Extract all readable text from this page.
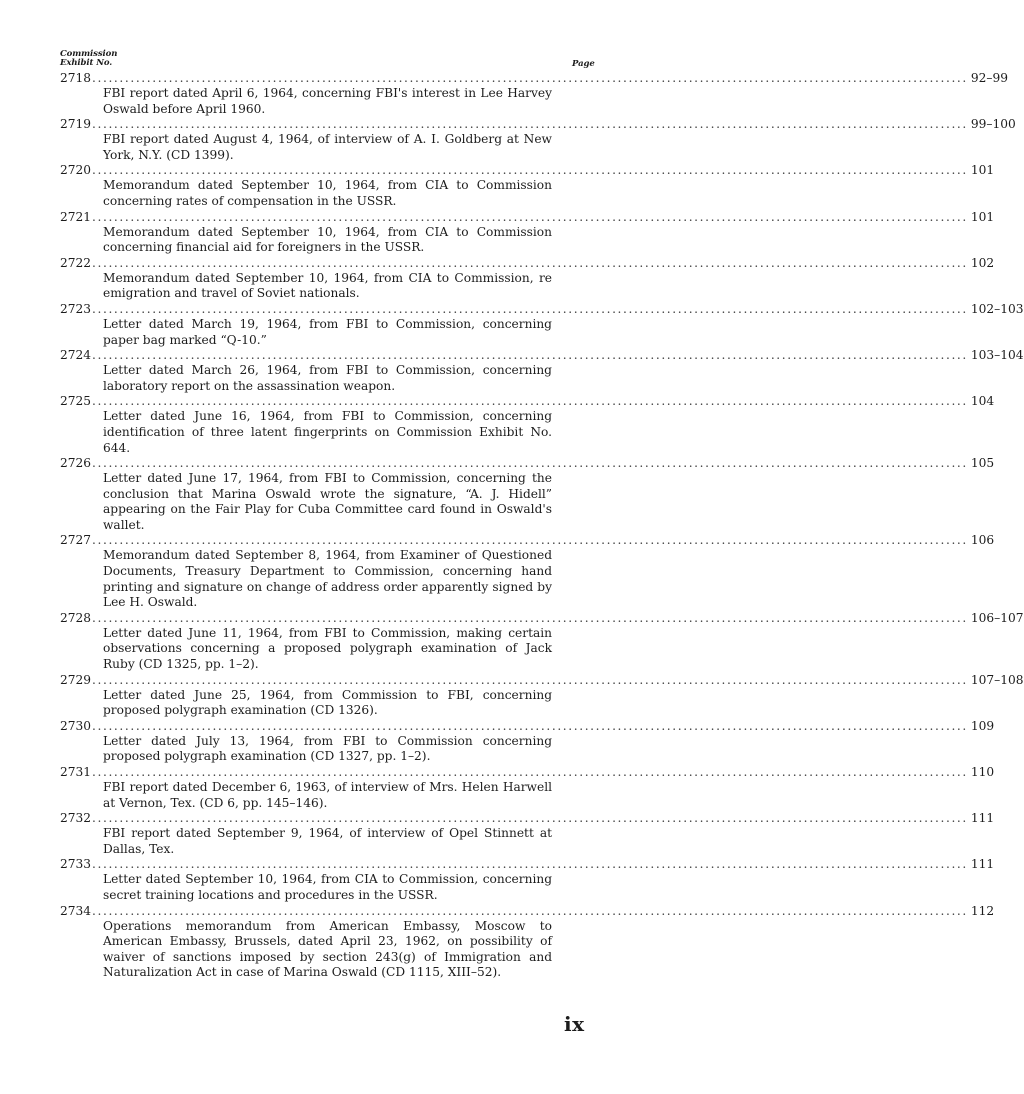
Commission
Exhibit No.	Page
2718 ................................................................................................................................................................ 92–99
FBI report dated April 6, 1964, concerning FBI's interest in Lee Harvey Oswald before April 1960.
2719 ................................................................................................................................................................ 99–100
FBI report dated August 4, 1964, of interview of A. I. Goldberg at New York, N.Y. (CD 1399).
2720 ................................................................................................................................................................ 101
Memorandum dated September 10, 1964, from CIA to Commission concerning rates of compensation in the USSR.
2721 ................................................................................................................................................................ 101
Memorandum dated September 10, 1964, from CIA to Commission concerning financial aid for foreigners in the USSR.
2722 ................................................................................................................................................................ 102
Memorandum dated September 10, 1964, from CIA to Commission, re emigration and travel of Soviet nationals.
2723 ................................................................................................................................................................ 102–103
Letter dated March 19, 1964, from FBI to Commission, concerning paper bag marked “Q-10.”
2724 ................................................................................................................................................................ 103–104
Letter dated March 26, 1964, from FBI to Commission, concerning laboratory report on the assassination weapon.
2725 ................................................................................................................................................................ 104
Letter dated June 16, 1964, from FBI to Commission, concerning identification of three latent fingerprints on Commission Exhibit No. 644.
2726 ................................................................................................................................................................ 105
Letter dated June 17, 1964, from FBI to Commission, concerning the conclusion that Marina Oswald wrote the signature, “A. J. Hidell” appearing on the Fair Play for Cuba Committee card found in Oswald's wallet.
2727 ................................................................................................................................................................ 106
Memorandum dated September 8, 1964, from Examiner of Questioned Documents, Treasury Department to Commission, concerning hand printing and signature on change of address order apparently signed by Lee H. Oswald.
2728 ................................................................................................................................................................ 106–107
Letter dated June 11, 1964, from FBI to Commission, making certain observations concerning a proposed polygraph examination of Jack Ruby (CD 1325, pp. 1–2).
2729 ................................................................................................................................................................ 107–108
Letter dated June 25, 1964, from Commission to FBI, concerning proposed polygraph examination (CD 1326).
2730 ................................................................................................................................................................ 109
Letter dated July 13, 1964, from FBI to Commission concerning proposed polygraph examination (CD 1327, pp. 1–2).
2731 ................................................................................................................................................................ 110
FBI report dated December 6, 1963, of interview of Mrs. Helen Harwell at Vernon, Tex. (CD 6, pp. 145–146).
2732 ................................................................................................................................................................ 111
FBI report dated September 9, 1964, of interview of Opel Stinnett at Dallas, Tex.
2733 ................................................................................................................................................................ 111
Letter dated September 10, 1964, from CIA to Commission, concerning secret training locations and procedures in the USSR.
2734 ................................................................................................................................................................ 112
Operations memorandum from American Embassy, Moscow to American Embassy, Brussels, dated April 23, 1962, on possibility of waiver of sanctions imposed by section 243(g) of Immigration and Naturalization Act in case of Marina Oswald (CD 1115, XIII–52).
ix
